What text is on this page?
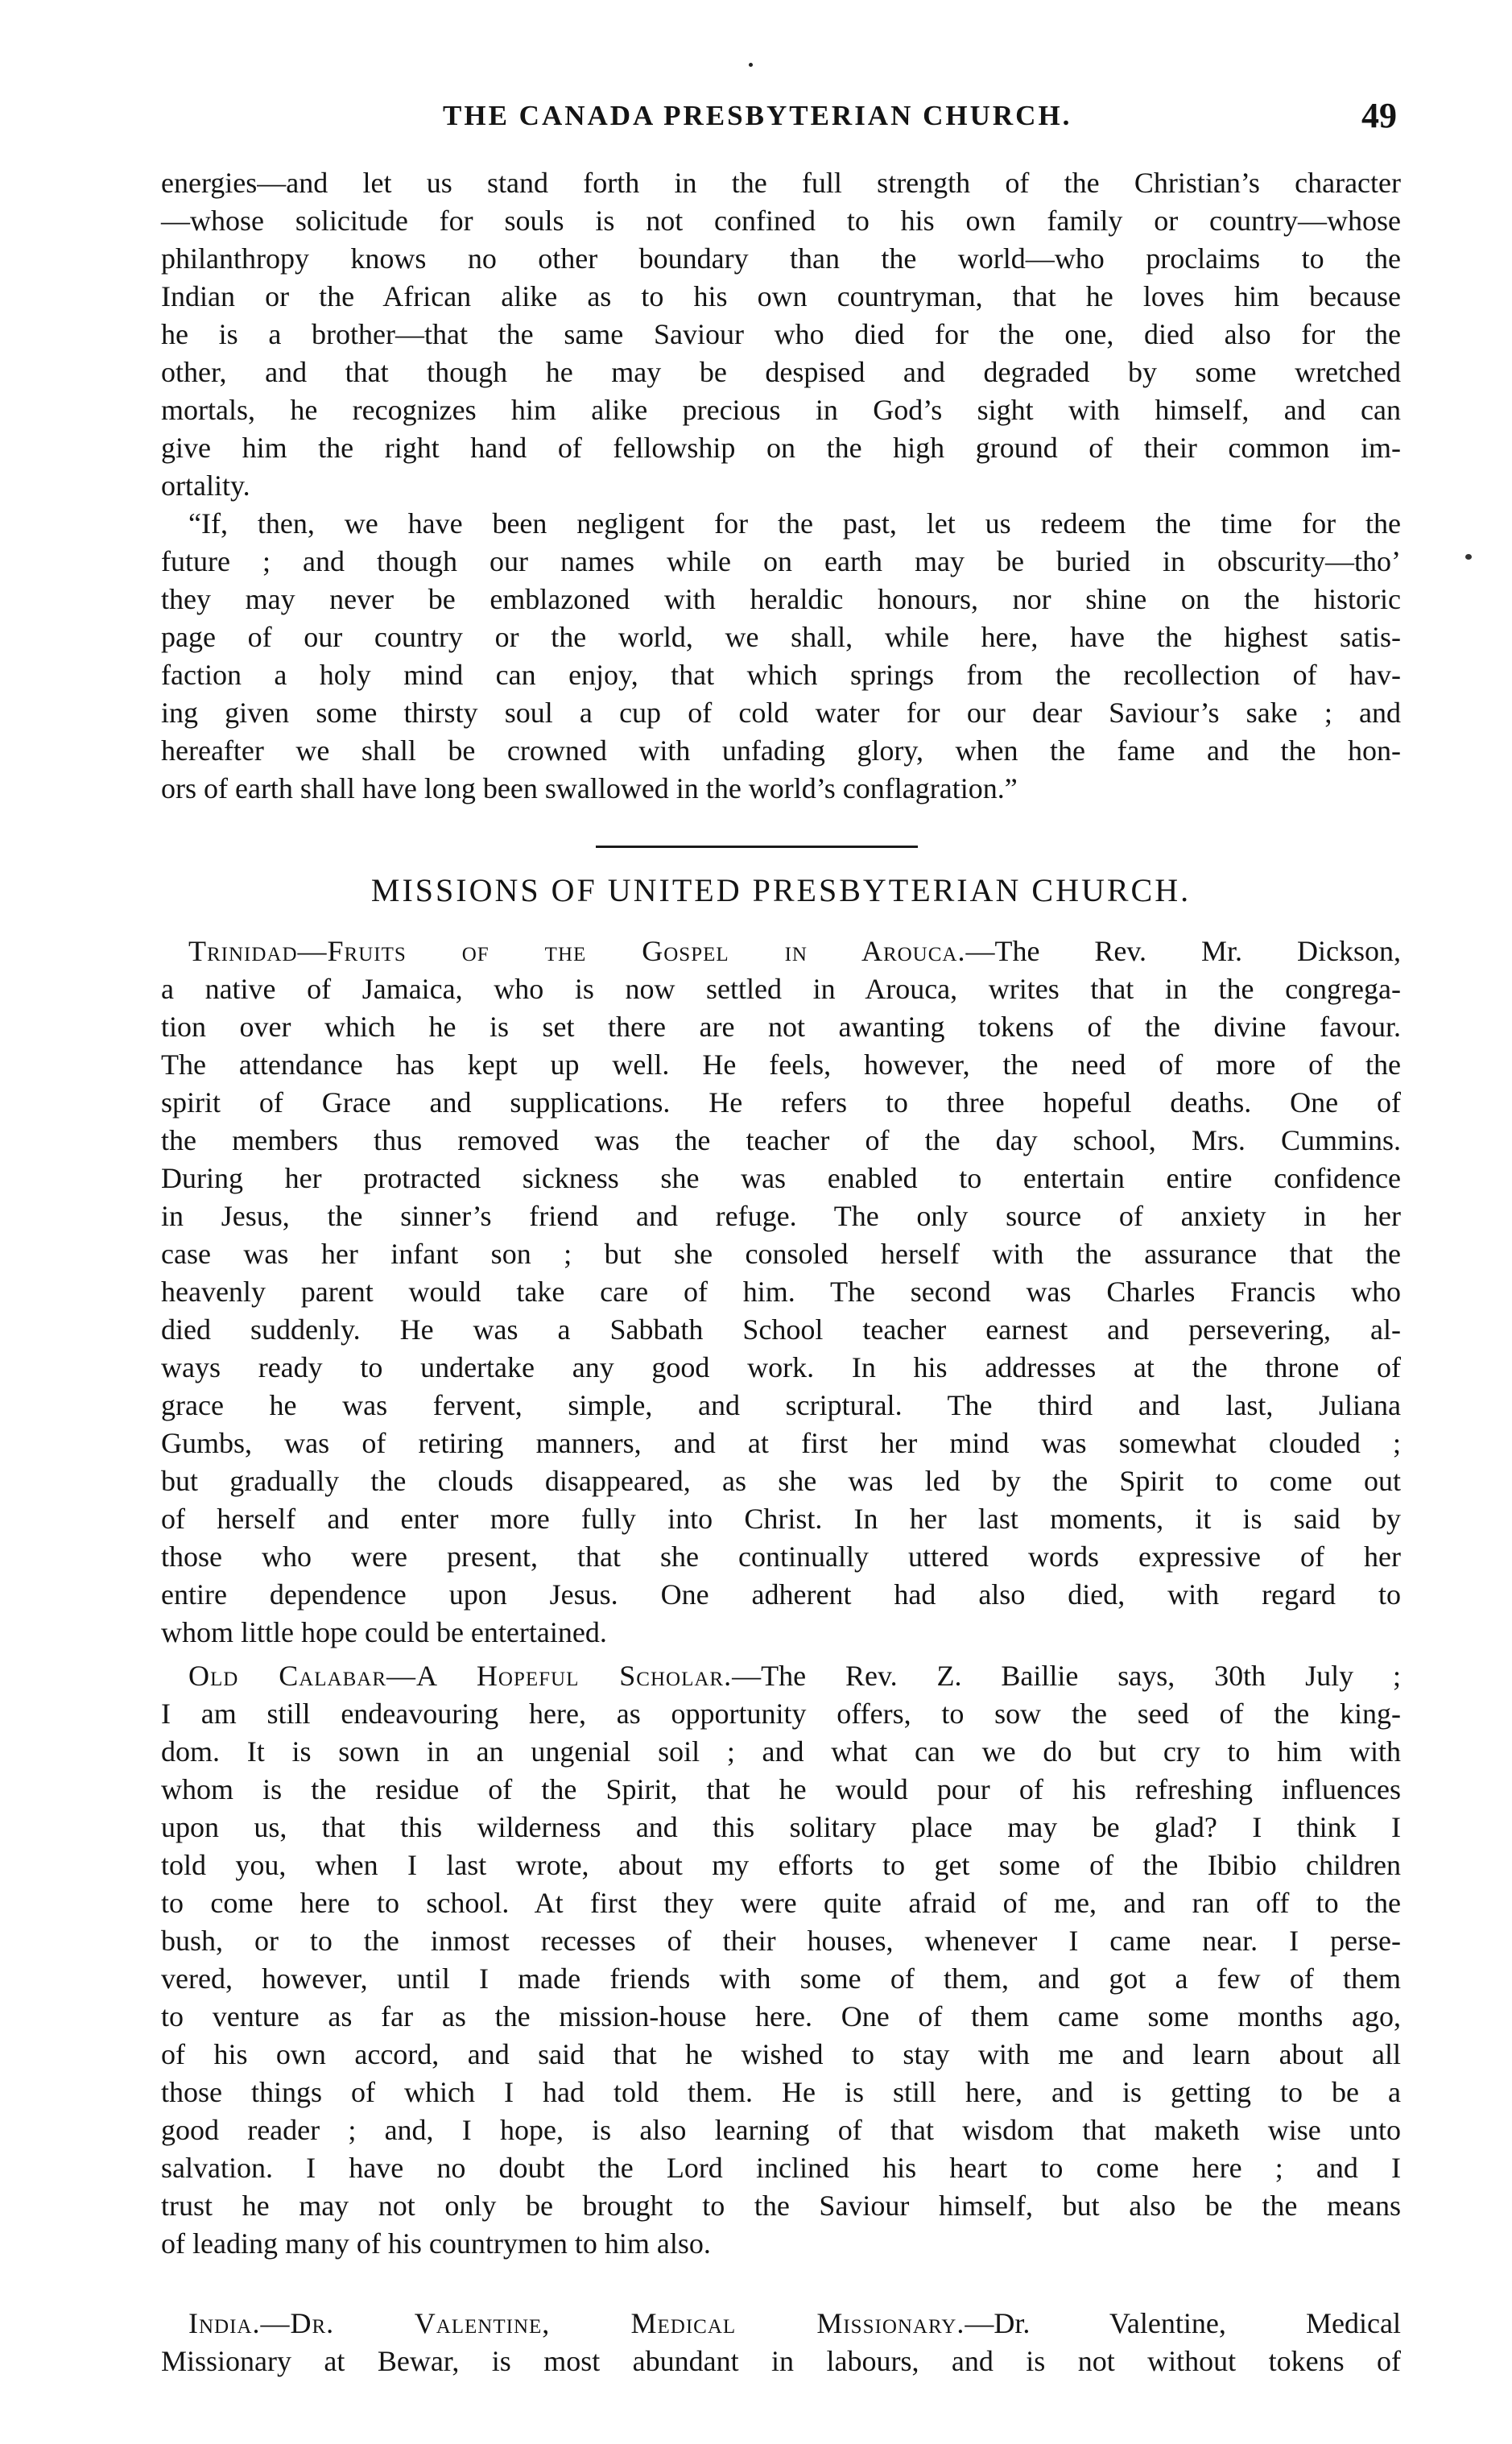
THE CANADA PRESBYTERIAN CHURCH.	49
energies—and let us stand forth in the full strength of the Christian’s character
—whose solicitude for souls is not confined to his own family or country—whose
philanthropy knows no other boundary than the world—who proclaims to the
Indian or the African alike as to his own countryman, that he loves him because
he is a brother—that the same Saviour who died for the one, died also for the
other, and that though he may be despised and degraded by some wretched
mortals, he recognizes him alike precious in God’s sight with himself, and can
give him the right hand of fellowship on the high ground of their common im-
ortality.
“If, then, we have been negligent for the past, let us redeem the time for the
future ; and though our names while on earth may be buried in obscurity—tho’
they may never be emblazoned with heraldic honours, nor shine on the historic
page of our country or the world, we shall, while here, have the highest satis-
faction a holy mind can enjoy, that which springs from the recollection of hav-
ing given some thirsty soul a cup of cold water for our dear Saviour’s sake ; and
hereafter we shall be crowned with unfading glory, when the fame and the hon-
ors of earth shall have long been swallowed in the world’s conflagration.”
MISSIONS OF UNITED PRESBYTERIAN CHURCH.
Trinidad—Fruits of the Gospel in Arouca.—The Rev. Mr. Dickson,
a native of Jamaica, who is now settled in Arouca, writes that in the congrega-
tion over which he is set there are not awanting tokens of the divine favour.
The attendance has kept up well. He feels, however, the need of more of the
spirit of Grace and supplications. He refers to three hopeful deaths. One of
the members thus removed was the teacher of the day school, Mrs. Cummins.
During her protracted sickness she was enabled to entertain entire confidence
in Jesus, the sinner’s friend and refuge. The only source of anxiety in her
case was her infant son ; but she consoled herself with the assurance that the
heavenly parent would take care of him. The second was Charles Francis who
died suddenly. He was a Sabbath School teacher earnest and persevering, al-
ways ready to undertake any good work. In his addresses at the throne of
grace he was fervent, simple, and scriptural. The third and last, Juliana
Gumbs, was of retiring manners, and at first her mind was somewhat clouded ;
but gradually the clouds disappeared, as she was led by the Spirit to come out
of herself and enter more fully into Christ. In her last moments, it is said by
those who were present, that she continually uttered words expressive of her
entire dependence upon Jesus. One adherent had also died, with regard to
whom little hope could be entertained.
Old Calabar—A Hopeful Scholar.—The Rev. Z. Baillie says, 30th July ;
I am still endeavouring here, as opportunity offers, to sow the seed of the king-
dom. It is sown in an ungenial soil ; and what can we do but cry to him with
whom is the residue of the Spirit, that he would pour of his refreshing influences
upon us, that this wilderness and this solitary place may be glad? I think I
told you, when I last wrote, about my efforts to get some of the Ibibio children
to come here to school. At first they were quite afraid of me, and ran off to the
bush, or to the inmost recesses of their houses, whenever I came near. I perse-
vered, however, until I made friends with some of them, and got a few of them
to venture as far as the mission-house here. One of them came some months ago,
of his own accord, and said that he wished to stay with me and learn about all
those things of which I had told them. He is still here, and is getting to be a
good reader ; and, I hope, is also learning of that wisdom that maketh wise unto
salvation. I have no doubt the Lord inclined his heart to come here ; and I
trust he may not only be brought to the Saviour himself, but also be the means
of leading many of his countrymen to him also.
India.—Dr. Valentine, Medical Missionary.—Dr. Valentine, Medical
Missionary at Bewar, is most abundant in labours, and is not without tokens of
